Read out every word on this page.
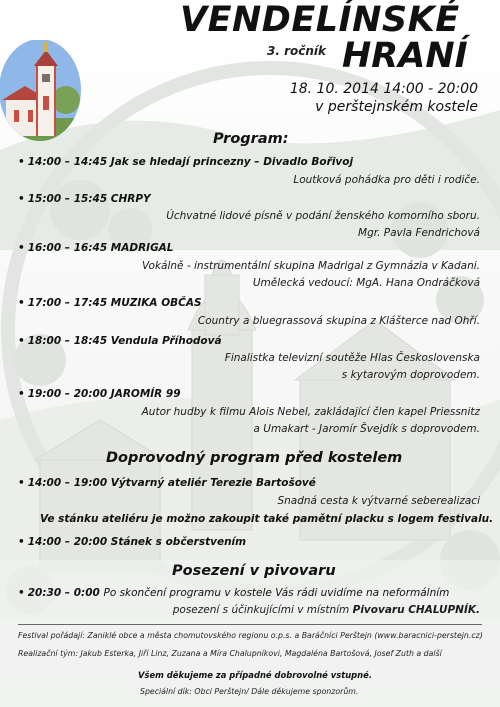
VENDELÍNSKÉ
3. ročník HRANÍ
18. 10. 2014 14:00 - 20:00
v perštejnském kostele
Program:
• 14:00 – 14:45 Jak se hledají princezny – Divadlo Bořivoj
Loutková pohádka pro děti i rodiče.
• 15:00 – 15:45 CHRPY
Úchvatné lidové písně v podání ženského komorního sboru.
Mgr. Pavla Fendrichová
• 16:00 – 16:45 MADRIGAL
Vokálně - instrumentální skupina Madrigal z Gymnázia v Kadani.
Umělecká vedoucí: MgA. Hana Ondráčková
• 17:00 – 17:45 MUZIKA OBČAS
Country a bluegrassová skupina z Klášterce nad Ohří.
• 18:00 – 18:45 Vendula Příhodová
Finalistka televizní soutěže Hlas Československa
s kytarovým doprovodem.
• 19:00 – 20:00 JAROMÍR 99
Autor hudby k filmu Alois Nebel, zakládající člen kapel Priessnitz
a Umakart - Jaromír Švejdík s doprovodem.
Doprovodný program před kostelem
• 14:00 – 19:00 Výtvarný ateliér Terezie Bartošové
Snadná cesta k výtvarné seberealizaci
Ve stánku ateliéru je možno zakoupit také pamětní placku s logem festivalu.
• 14:00 – 20:00 Stánek s občerstvením
Posezení v pivovaru
• 20:30 – 0:00 Po skončení programu v kostele Vás rádi uvidíme na neformálním
posezení s účinkujícími v místním Pivovaru CHALUPNÍK.
Festival pořádají: Zaniklé obce a města chomutovského regionu o.p.s. a Baráčníci Perštejn (www.baracnici-perstejn.cz)
Realizační tým: Jakub Esterka, Jiří Linz, Zuzana a Míra Chalupníkovi, Magdaléna Bartošová, Josef Zuth a další
Všem děkujeme za případné dobrovolné vstupné.
Speciální dík: Obci Perštejn/ Dále děkujeme sponzorům.
